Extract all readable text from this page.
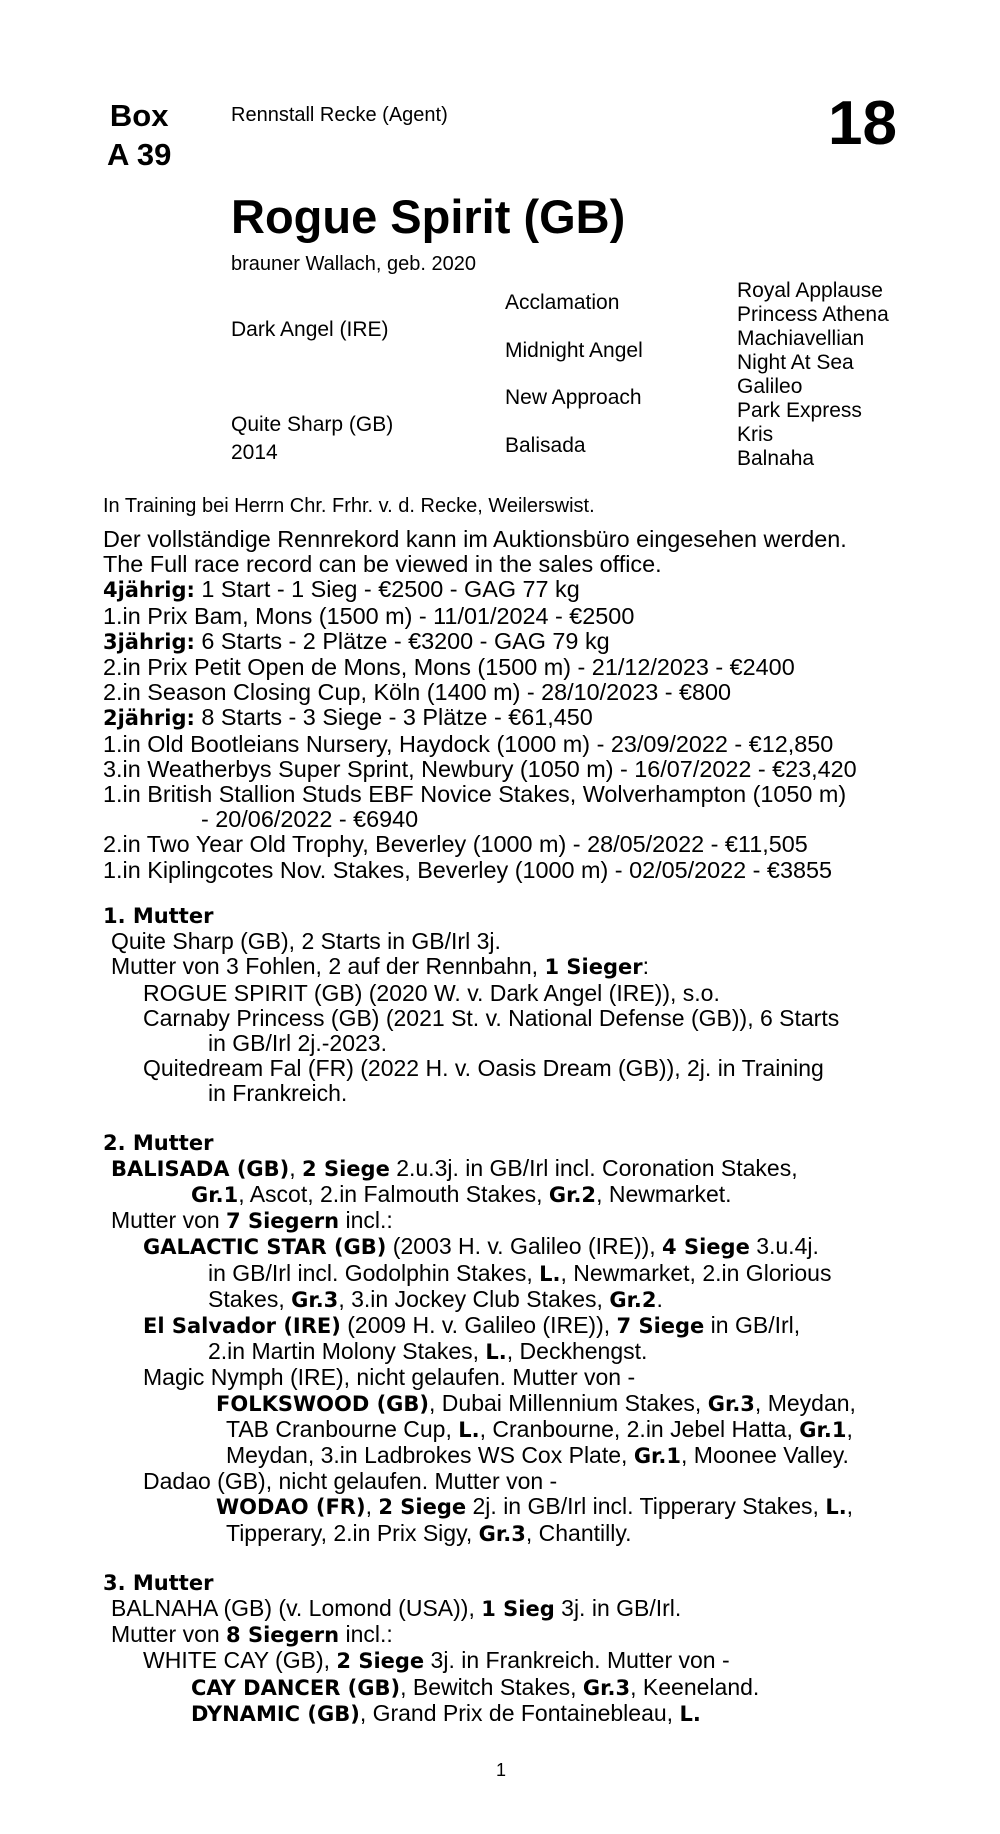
Box
A 39
Rennstall Recke (Agent)	18
Rogue Spirit (GB)
brauner Wallach, geb. 2020
Dark Angel (IRE)
Quite Sharp (GB)
2014
Acclamation
Midnight Angel
New Approach
Balisada
Royal Applause
Princess Athena
Machiavellian
Night At Sea
Galileo
Park Express
Kris
Balnaha
In Training bei Herrn Chr. Frhr. v. d. Recke, Weilerswist.
Der vollständige Rennrekord kann im Auktionsbüro eingesehen werden.
The Full race record can be viewed in the sales office.
4jährig: 1 Start - 1 Sieg - €2500 - GAG 77 kg
1.in Prix Bam, Mons (1500 m) - 11/01/2024 - €2500
3jährig: 6 Starts - 2 Plätze - €3200 - GAG 79 kg
2.in Prix Petit Open de Mons, Mons (1500 m) - 21/12/2023 - €2400
2.in Season Closing Cup, Köln (1400 m) - 28/10/2023 - €800
2jährig: 8 Starts - 3 Siege - 3 Plätze - €61,450
1.in Old Bootleians Nursery, Haydock (1000 m) - 23/09/2022 - €12,850
3.in Weatherbys Super Sprint, Newbury (1050 m) - 16/07/2022 - €23,420
1.in British Stallion Studs EBF Novice Stakes, Wolverhampton (1050 m)
- 20/06/2022 - €6940
2.in Two Year Old Trophy, Beverley (1000 m) - 28/05/2022 - €11,505
1.in Kiplingcotes Nov. Stakes, Beverley (1000 m) - 02/05/2022 - €3855
1. Mutter
Quite Sharp (GB), 2 Starts in GB/Irl 3j.
Mutter von 3 Fohlen, 2 auf der Rennbahn, 1 Sieger:
ROGUE SPIRIT (GB) (2020 W. v. Dark Angel (IRE)), s.o.
Carnaby Princess (GB) (2021 St. v. National Defense (GB)), 6 Starts
in GB/Irl 2j.-2023.
Quitedream Fal (FR) (2022 H. v. Oasis Dream (GB)), 2j. in Training
in Frankreich.
2. Mutter
BALISADA (GB), 2 Siege 2.u.3j. in GB/Irl incl. Coronation Stakes,
Gr.1, Ascot, 2.in Falmouth Stakes, Gr.2, Newmarket.
Mutter von 7 Siegern incl.:
GALACTIC STAR (GB) (2003 H. v. Galileo (IRE)), 4 Siege 3.u.4j.
in GB/Irl incl. Godolphin Stakes, L., Newmarket, 2.in Glorious
Stakes, Gr.3, 3.in Jockey Club Stakes, Gr.2.
El Salvador (IRE) (2009 H. v. Galileo (IRE)), 7 Siege in GB/Irl,
2.in Martin Molony Stakes, L., Deckhengst.
Magic Nymph (IRE), nicht gelaufen. Mutter von -
FOLKSWOOD (GB), Dubai Millennium Stakes, Gr.3, Meydan,
TAB Cranbourne Cup, L., Cranbourne, 2.in Jebel Hatta, Gr.1,
Meydan, 3.in Ladbrokes WS Cox Plate, Gr.1, Moonee Valley.
Dadao (GB), nicht gelaufen. Mutter von -
WODAO (FR), 2 Siege 2j. in GB/Irl incl. Tipperary Stakes, L.,
Tipperary, 2.in Prix Sigy, Gr.3, Chantilly.
3. Mutter
BALNAHA (GB) (v. Lomond (USA)), 1 Sieg 3j. in GB/Irl.
Mutter von 8 Siegern incl.:
WHITE CAY (GB), 2 Siege 3j. in Frankreich. Mutter von -
CAY DANCER (GB), Bewitch Stakes, Gr.3, Keeneland.
DYNAMIC (GB), Grand Prix de Fontainebleau, L.
1
